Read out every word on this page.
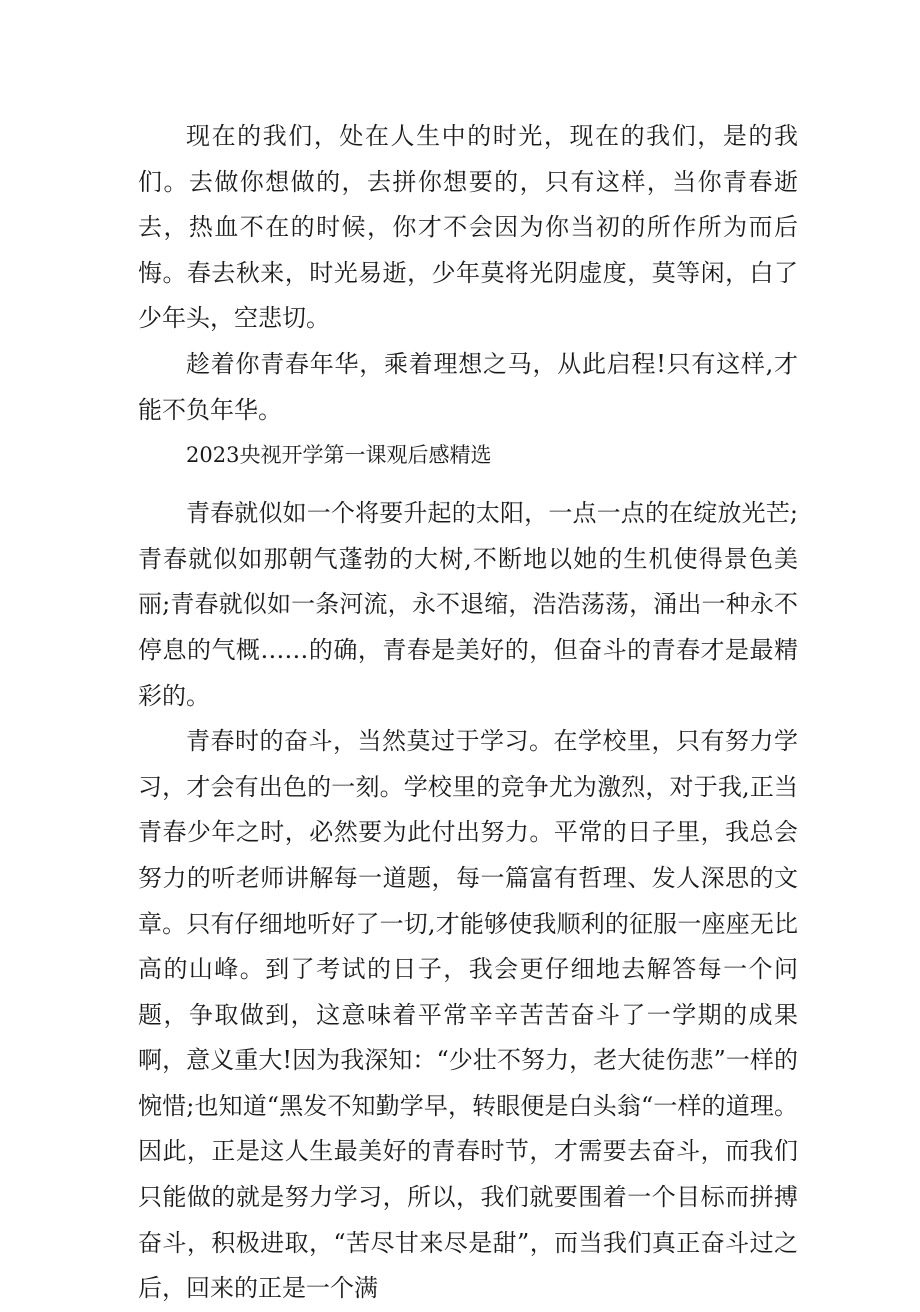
现在的我们，处在人生中的时光，现在的我们，是的我们。去做你想做的，去拼你想要的，只有这样，当你青春逝去，热血不在的时候，你才不会因为你当初的所作所为而后悔。春去秋来，时光易逝，少年莫将光阴虚度，莫等闲，白了少年头，空悲切。

趁着你青春年华，乘着理想之马，从此启程!只有这样,才能不负年华。

2023央视开学第一课观后感精选

青春就似如一个将要升起的太阳，一点一点的在绽放光芒;青春就似如那朝气蓬勃的大树,不断地以她的生机使得景色美丽;青春就似如一条河流，永不退缩，浩浩荡荡，涌出一种永不停息的气概……的确，青春是美好的，但奋斗的青春才是最精彩的。

青春时的奋斗，当然莫过于学习。在学校里，只有努力学习，才会有出色的一刻。学校里的竞争尤为激烈，对于我,正当青春少年之时，必然要为此付出努力。平常的日子里，我总会努力的听老师讲解每一道题，每一篇富有哲理、发人深思的文章。只有仔细地听好了一切,才能够使我顺利的征服一座座无比高的山峰。到了考试的日子，我会更仔细地去解答每一个问题，争取做到，这意味着平常辛辛苦苦奋斗了一学期的成果啊，意义重大!因为我深知：“少壮不努力，老大徒伤悲”一样的惋惜;也知道“黑发不知勤学早，转眼便是白头翁“一样的道理。因此，正是这人生最美好的青春时节，才需要去奋斗，而我们只能做的就是努力学习，所以，我们就要围着一个目标而拼搏奋斗，积极进取，“苦尽甘来尽是甜”，而当我们真正奋斗过之后，回来的正是一个满
